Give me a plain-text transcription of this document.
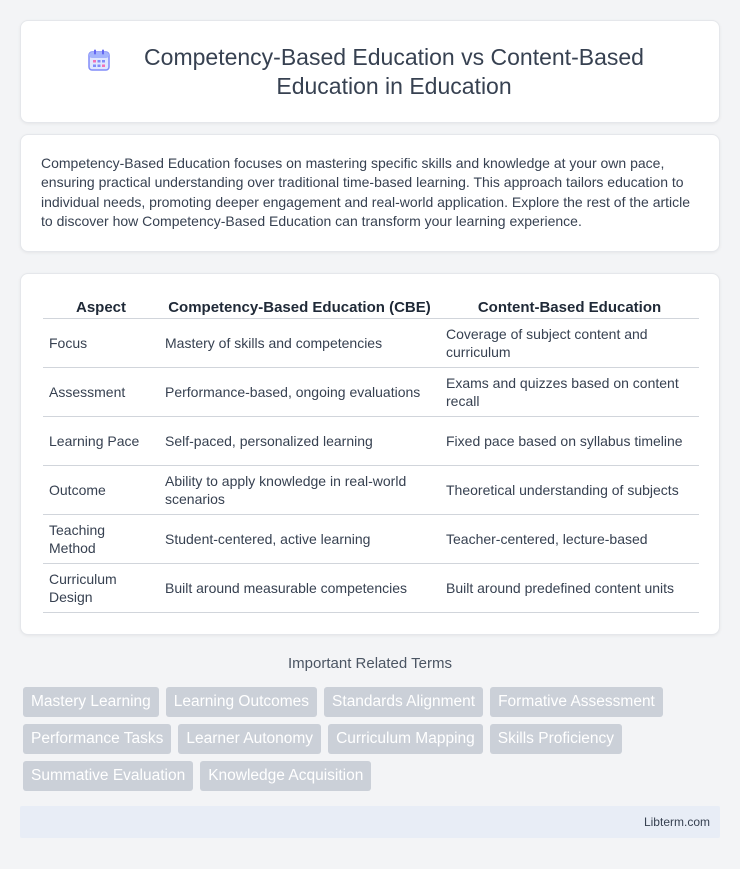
Competency-Based Education vs Content-Based Education in Education

Competency-Based Education focuses on mastering specific skills and knowledge at your own pace, ensuring practical understanding over traditional time-based learning. This approach tailors education to individual needs, promoting deeper engagement and real-world application. Explore the rest of the article to discover how Competency-Based Education can transform your learning experience.

Aspect	Competency-Based Education (CBE)	Content-Based Education
Focus	Mastery of skills and competencies	Coverage of subject content and curriculum
Assessment	Performance-based, ongoing evaluations	Exams and quizzes based on content recall
Learning Pace	Self-paced, personalized learning	Fixed pace based on syllabus timeline
Outcome	Ability to apply knowledge in real-world scenarios	Theoretical understanding of subjects
Teaching Method	Student-centered, active learning	Teacher-centered, lecture-based
Curriculum Design	Built around measurable competencies	Built around predefined content units
Important Related Terms
Mastery Learning	Learning Outcomes	Standards Alignment	Formative Assessment
Performance Tasks	Learner Autonomy	Curriculum Mapping	Skills Proficiency
Summative Evaluation	Knowledge Acquisition
Libterm.com
